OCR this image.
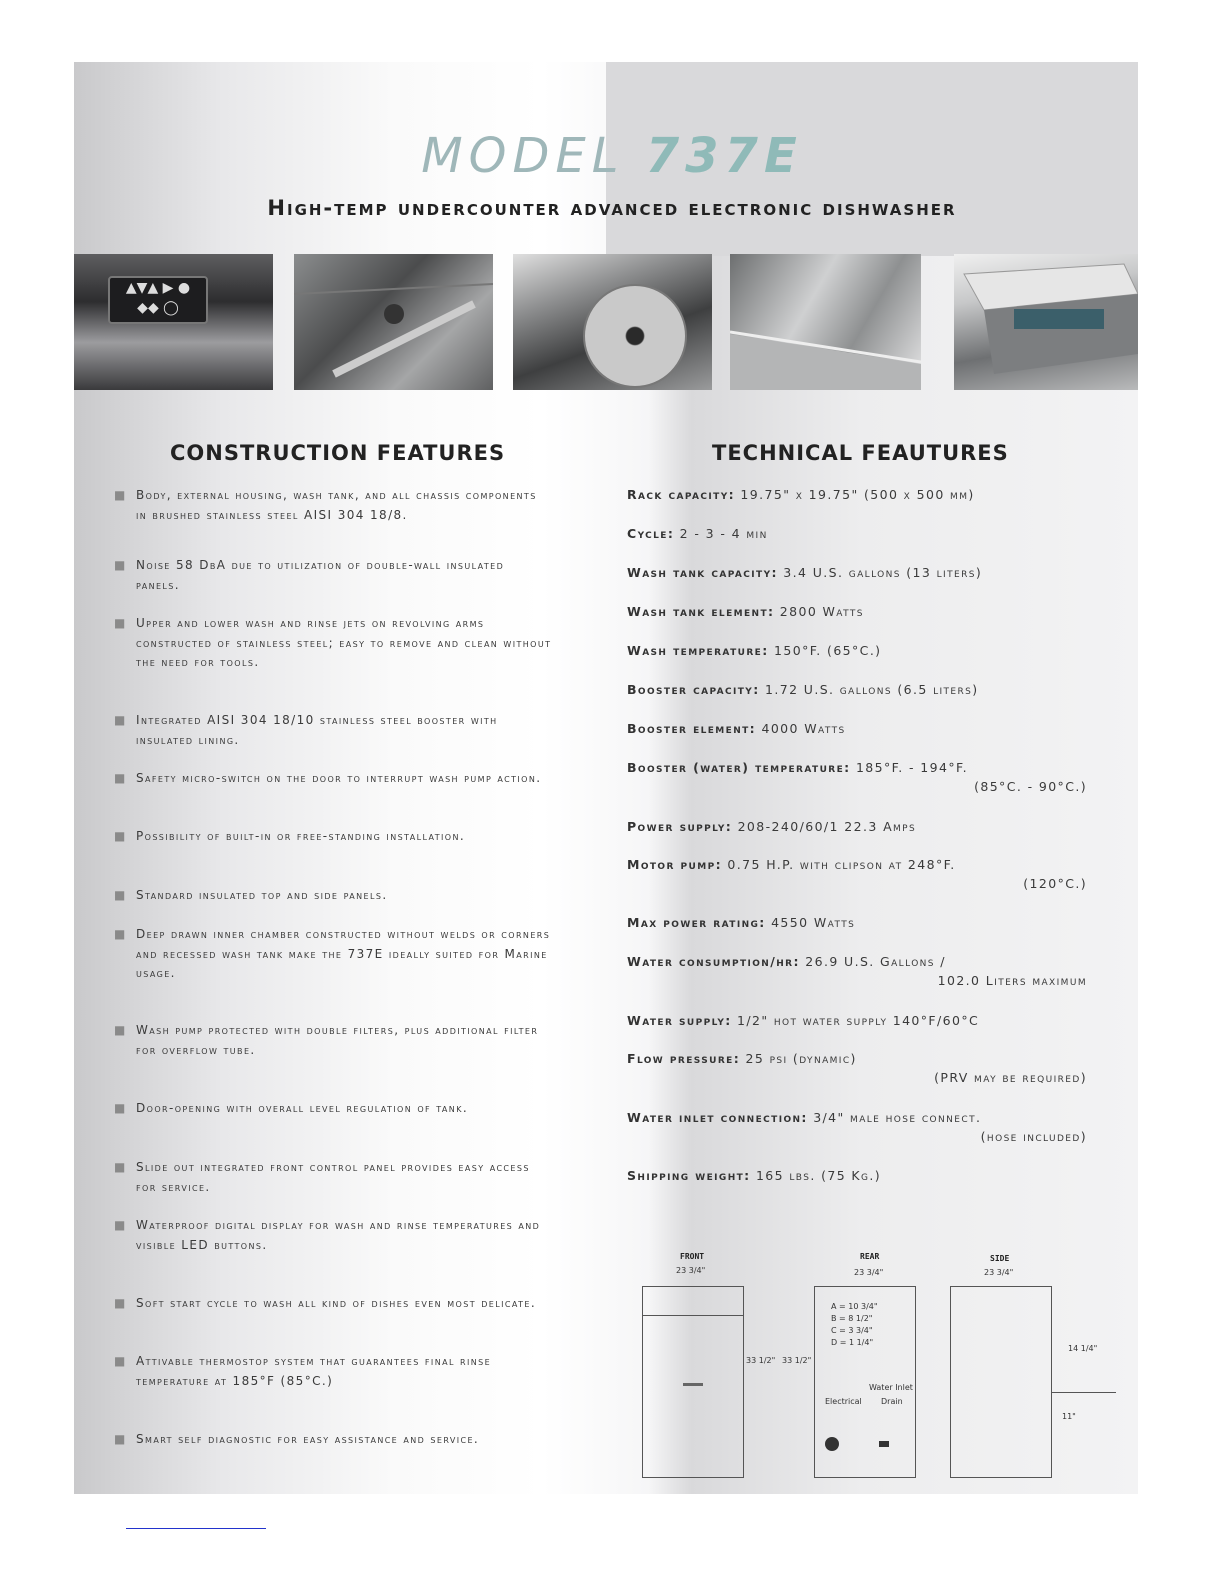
MODEL 737E
High-temp undercounter advanced electronic dishwasher
▲▼▲ ▶ ●
◆◆ ◯
CONSTRUCTION FEATURES	TECHNICAL FEAUTURES
■ Body, external housing, wash tank, and all chassis components in brushed stainless steel AISI 304 18/8.
■ Noise 58 DbA due to utilization of double-wall insulated panels.
■ Upper and lower wash and rinse jets on revolving arms constructed of stainless steel; easy to remove and clean without the need for tools.
■ Integrated AISI 304 18/10 stainless steel booster with insulated lining.
■ Safety micro-switch on the door to interrupt wash pump action.
■ Possibility of built-in or free-standing installation.
■ Standard insulated top and side panels.
■ Deep drawn inner chamber constructed without welds or corners and recessed wash tank make the 737E ideally suited for Marine usage.
■ Wash pump protected with double filters, plus additional filter for overflow tube.
■ Door-opening with overall level regulation of tank.
■ Slide out integrated front control panel provides easy access for service.
■ Waterproof digital display for wash and rinse temperatures and visible LED buttons.
■ Soft start cycle to wash all kind of dishes even most delicate.
■ Attivable thermostop system that guarantees final rinse temperature at 185°F (85°C.)
■ Smart self diagnostic for easy assistance and service.
Rack capacity: 19.75" x 19.75" (500 x 500 mm)
Cycle: 2 - 3 - 4 min
Wash tank capacity: 3.4 U.S. gallons (13 liters)
Wash tank element: 2800 Watts
Wash temperature: 150°F. (65°C.)
Booster capacity: 1.72 U.S. gallons (6.5 liters)
Booster element: 4000 Watts
Booster (water) temperature: 185°F. - 194°F.
(85°C. - 90°C.)
Power supply: 208-240/60/1 22.3 Amps
Motor pump: 0.75 H.P. with clipson at 248°F.
(120°C.)
Max power rating: 4550 Watts
Water consumption/hr: 26.9 U.S. Gallons /
102.0 Liters maximum
Water supply: 1/2" hot water supply 140°F/60°C
Flow pressure: 25 psi (dynamic)
(PRV may be required)
Water inlet connection: 3/4" male hose connect.
(hose included)
Shipping weight: 165 lbs. (75 Kg.)
FRONT	REAR	SIDE
23 3/4"	23 3/4"	23 3/4"
33 1/2" 33 1/2"
A = 10 3/4"
B = 8 1/2"
C = 3 3/4"
D = 1 1/4"
Water Inlet
Electrical Drain
14 1/4"
11"
